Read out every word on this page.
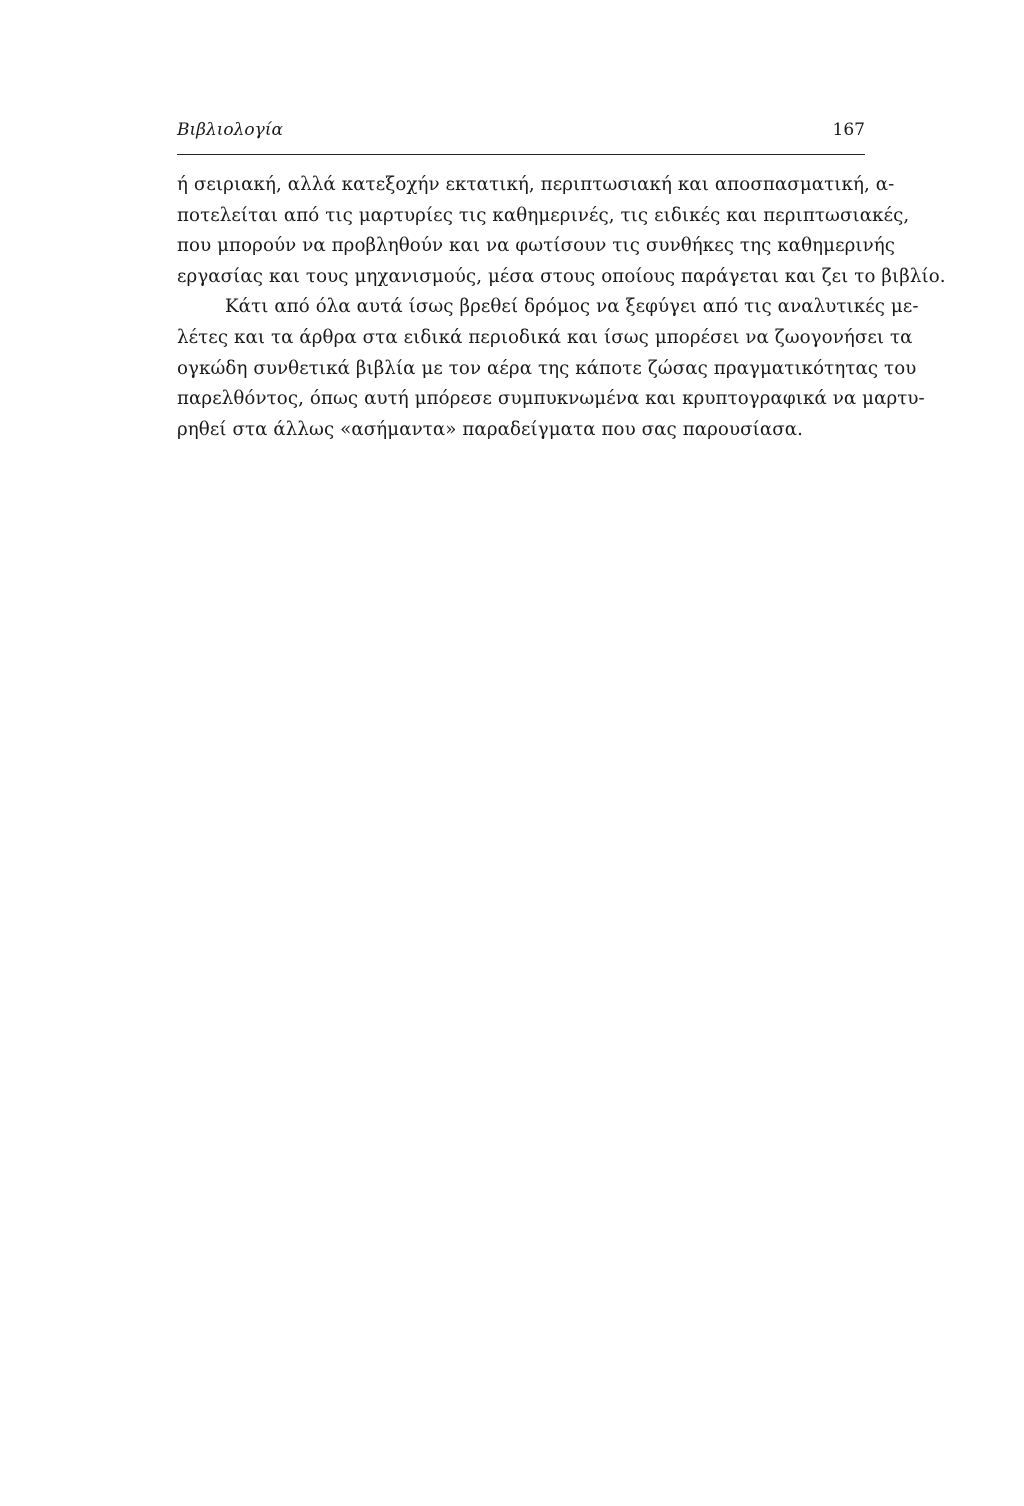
Βιβλιολογία	167
ή σειριακή, αλλά κατεξοχήν εκτατική, περιπτωσιακή και αποσπασματική, α-
ποτελείται από τις μαρτυρίες τις καθημερινές, τις ειδικές και περιπτωσιακές,
που μπορούν να προβληθούν και να φωτίσουν τις συνθήκες της καθημερινής
εργασίας και τους μηχανισμούς, μέσα στους οποίους παράγεται και ζει το βιβλίο.
Κάτι από όλα αυτά ίσως βρεθεί δρόμος να ξεφύγει από τις αναλυτικές με-
λέτες και τα άρθρα στα ειδικά περιοδικά και ίσως μπορέσει να ζωογονήσει τα
ογκώδη συνθετικά βιβλία με τον αέρα της κάποτε ζώσας πραγματικότητας του
παρελθόντος, όπως αυτή μπόρεσε συμπυκνωμένα και κρυπτογραφικά να μαρτυ-
ρηθεί στα άλλως «ασήμαντα» παραδείγματα που σας παρουσίασα.
